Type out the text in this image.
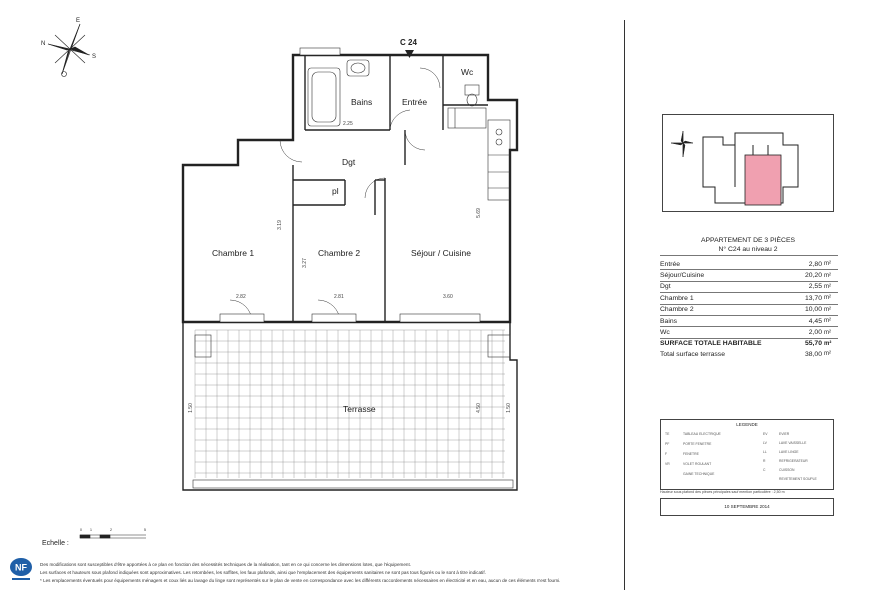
E
N
S
C 24
Bains	Entrée
Wc
Dgt
pl
Chambre 1	Chambre 2	Séjour / Cuisine
Terrasse
2.25
2.82	2.81	3.60
3.19
3.27
5.69
4.50
1.50	1.50
Echelle :
0 1	2	5
NF	Des modifications sont susceptibles d'être apportées à ce plan en fonction des nécessités techniques de la réalisation, tant en ce qui concerne les dimensions lotes, que l'équipement.
Les surfaces et hauteurs sous plafond indiquées sont approximatives. Les retombées, les soffites, les faux plafonds, ainsi que l'emplacement des équipements sanitaires ne sont pas tous figurés ou le sont à titre indicatif.
* Les emplacements éventuels pour équipements ménagers et coux liés au lavage du linge sont représentés sur le plan de vente en correspondance avec les différents raccordements nécessaires en électricité et en eau, aucun de ces éléments n'est fourni.
APPARTEMENT DE 3 PIÈCES
N° C24 au niveau 2
Entrée	2,80	m²
Séjour/Cuisine	20,20	m²
Dgt	2,55	m²
Chambre 1	13,70	m²
Chambre 2	10,00	m²
Bains	4,45	m²
Wc	2,00	m²
SURFACE TOTALE HABITABLE	55,70	m²
Total surface terrasse	38,00	m²
LEGENDE
TE	TABLEAU ELECTRIQUE
PF	PORTE FENETRE
F	FENETRE
VR	VOLET ROULANT
GAINE TECHNIQUE
EV	EVIER
LV	LAVE VAISSELLE
LL	LAVE LINGE
R	REFRIGERATEUR
C	CUISSON
REVETEMENT SOUPLE
Hauteur sous plafond des pièces principales sauf mention particulière : 2,50 m
10 SEPTEMBRE 2014
